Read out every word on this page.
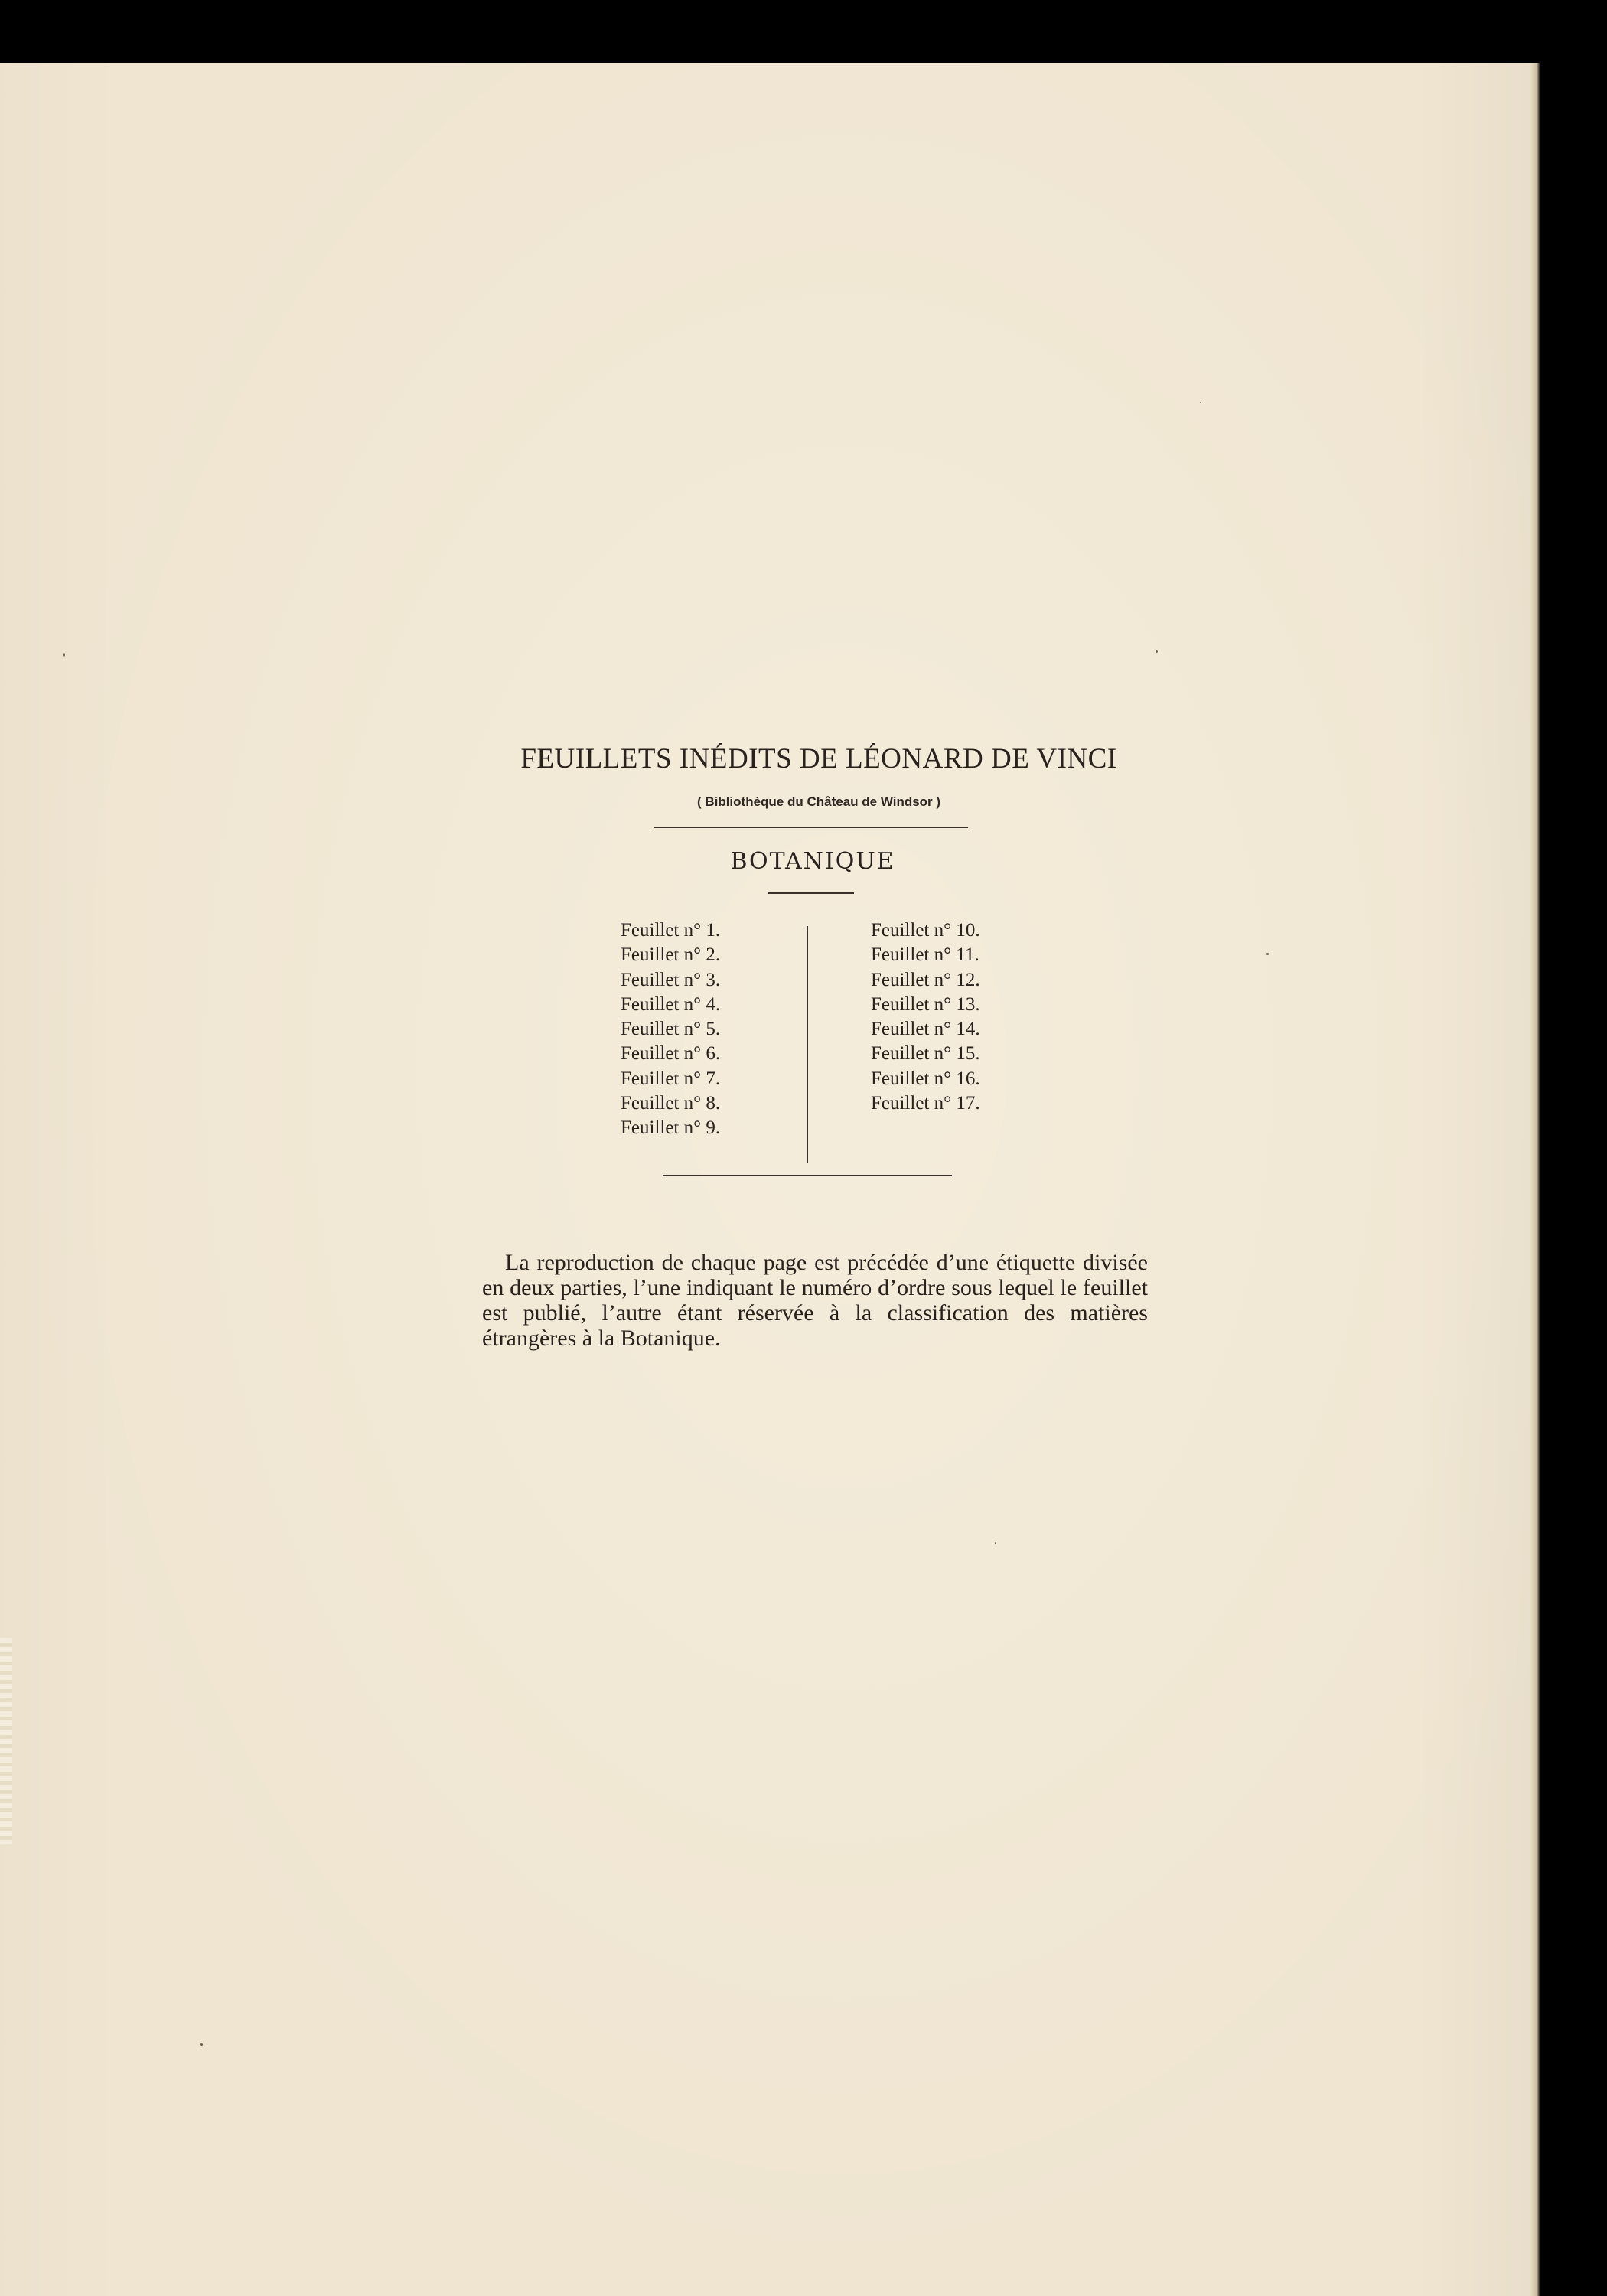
FEUILLETS INÉDITS DE LÉONARD DE VINCI
( Bibliothèque du Château de Windsor )
BOTANIQUE
Feuillet n° 1.
Feuillet n° 2.
Feuillet n° 3.
Feuillet n° 4.
Feuillet n° 5.
Feuillet n° 6.
Feuillet n° 7.
Feuillet n° 8.
Feuillet n° 9.
Feuillet n° 10.
Feuillet n° 11.
Feuillet n° 12.
Feuillet n° 13.
Feuillet n° 14.
Feuillet n° 15.
Feuillet n° 16.
Feuillet n° 17.

La reproduction de chaque page est précédée d’une étiquette divisée en deux parties, l’une indiquant le numéro d’ordre sous lequel le feuillet est publié, l’autre étant réservée à la classification des matières étrangères à la Botanique.
